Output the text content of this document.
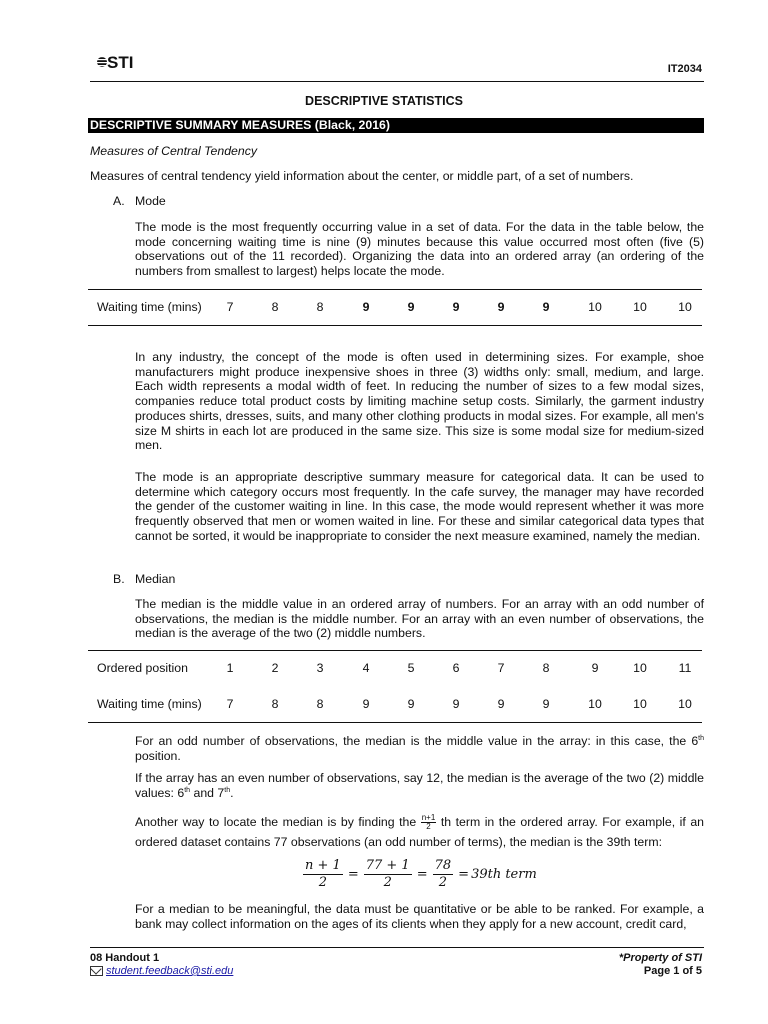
STI	IT2034
DESCRIPTIVE STATISTICS
DESCRIPTIVE SUMMARY MEASURES (Black, 2016)
Measures of Central Tendency
Measures of central tendency yield information about the center, or middle part, of a set of numbers.
A. Mode
The mode is the most frequently occurring value in a set of data. For the data in the table below, the mode concerning waiting time is nine (9) minutes because this value occurred most often (five (5) observations out of the 11 recorded). Organizing the data into an ordered array (an ordering of the numbers from smallest to largest) helps locate the mode.
Waiting time (mins)	7	8	8	9	9	9	9	9	10	10	10
In any industry, the concept of the mode is often used in determining sizes. For example, shoe manufacturers might produce inexpensive shoes in three (3) widths only: small, medium, and large. Each width represents a modal width of feet. In reducing the number of sizes to a few modal sizes, companies reduce total product costs by limiting machine setup costs. Similarly, the garment industry produces shirts, dresses, suits, and many other clothing products in modal sizes. For example, all men's size M shirts in each lot are produced in the same size. This size is some modal size for medium-sized men.
The mode is an appropriate descriptive summary measure for categorical data. It can be used to determine which category occurs most frequently. In the cafe survey, the manager may have recorded the gender of the customer waiting in line. In this case, the mode would represent whether it was more frequently observed that men or women waited in line. For these and similar categorical data types that cannot be sorted, it would be inappropriate to consider the next measure examined, namely the median.
B. Median
The median is the middle value in an ordered array of numbers. For an array with an odd number of observations, the median is the middle number. For an array with an even number of observations, the median is the average of the two (2) middle numbers.
Ordered position	1	2	3	4	5	6	7	8	9	10	11
Waiting time (mins)	7	8	8	9	9	9	9	9	10	10	10
For an odd number of observations, the median is the middle value in the array: in this case, the 6th position.
If the array has an even number of observations, say 12, the median is the average of the two (2) middle values: 6th and 7th.
Another way to locate the median is by finding the $\frac{n+1}{2}$ th term in the ordered array. For example, if an ordered dataset contains 77 observations (an odd number of terms), the median is the 39th term:
$\frac{n + 1}{2} = \frac{77 + 1}{2} = \frac{78}{2} = 39th$ term
For a median to be meaningful, the data must be quantitative or be able to be ranked. For example, a bank may collect information on the ages of its clients when they apply for a new account, credit card,
08 Handout 1
student.feedback@sti.edu
*Property of STI
Page 1 of 5
